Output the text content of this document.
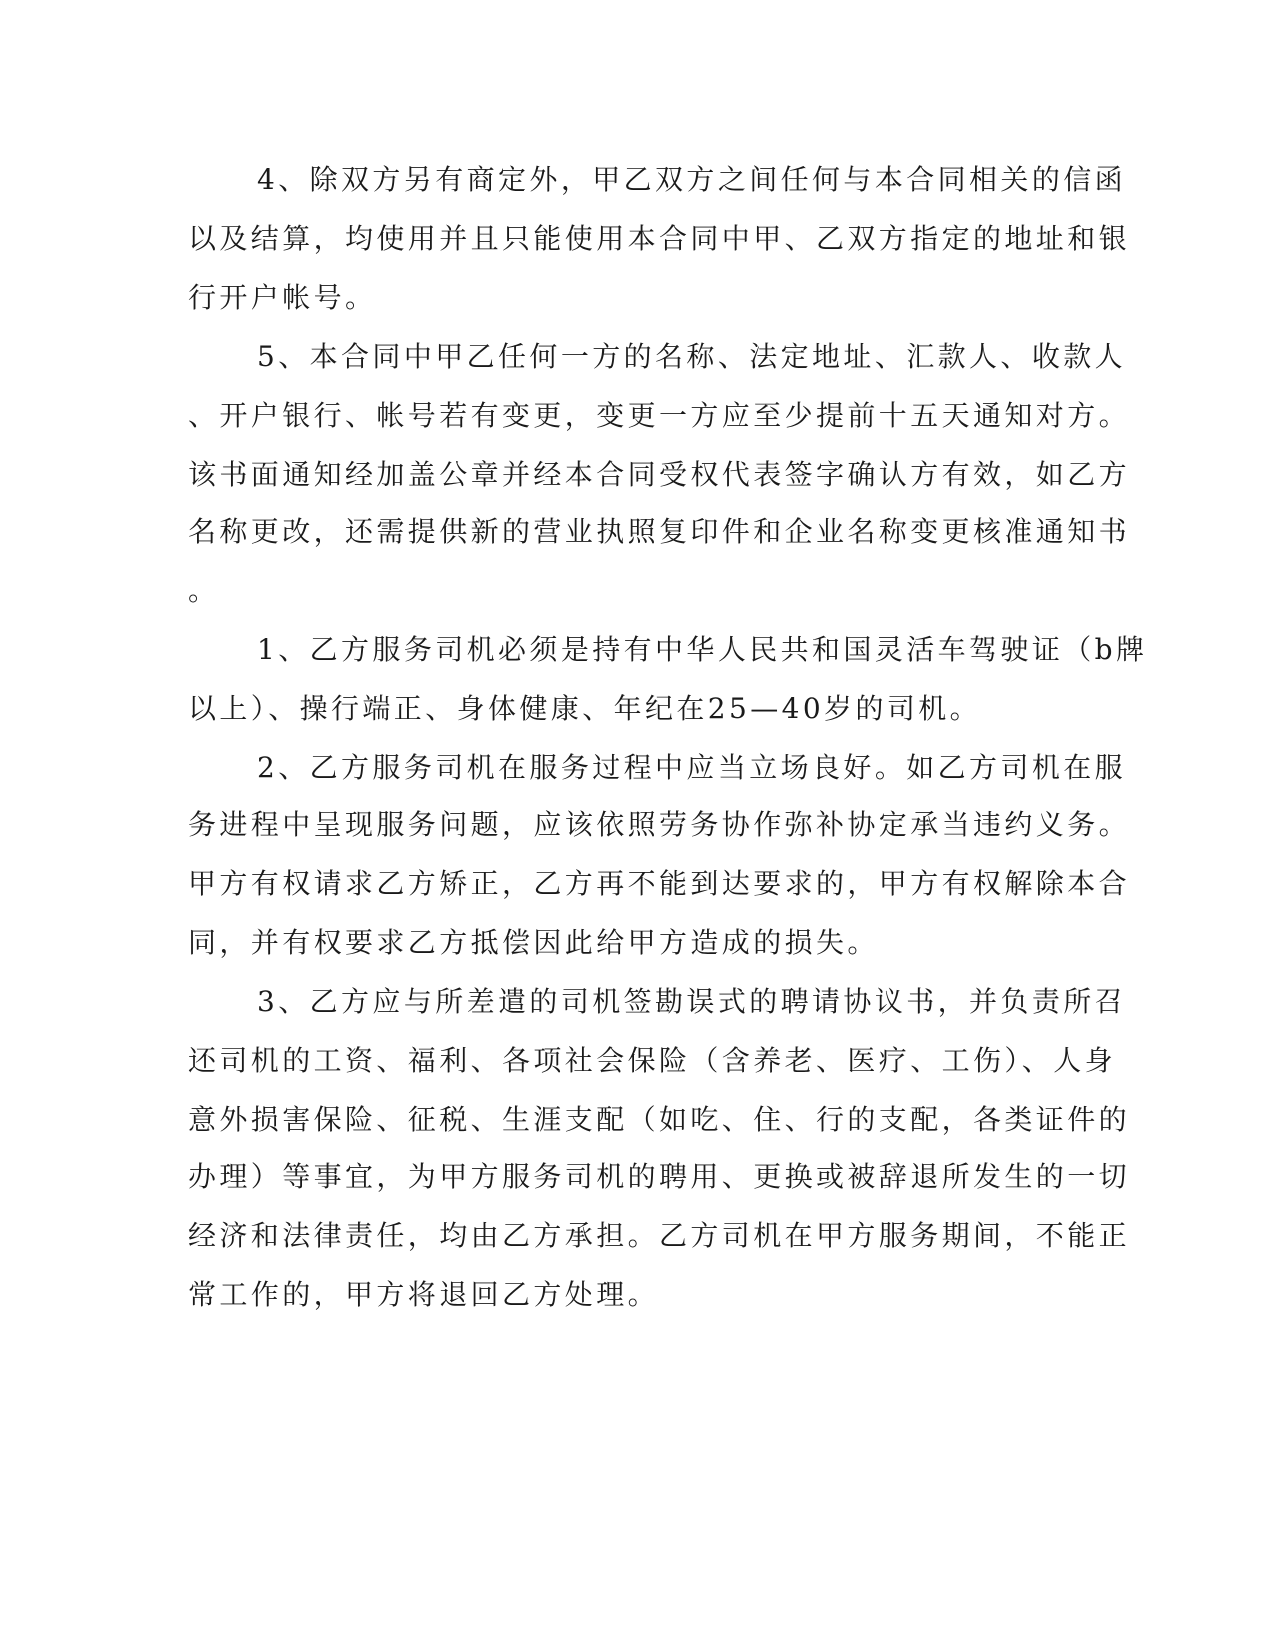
4、除双方另有商定外，甲乙双方之间任何与本合同相关的信函
以及结算，均使用并且只能使用本合同中甲、乙双方指定的地址和银
行开户帐号。
5、本合同中甲乙任何一方的名称、法定地址、汇款人、收款人
、开户银行、帐号若有变更，变更一方应至少提前十五天通知对方。
该书面通知经加盖公章并经本合同受权代表签字确认方有效，如乙方
名称更改，还需提供新的营业执照复印件和企业名称变更核准通知书
。
1、乙方服务司机必须是持有中华人民共和国灵活车驾驶证（b牌
以上）、操行端正、身体健康、年纪在25—40岁的司机。
2、乙方服务司机在服务过程中应当立场良好。如乙方司机在服
务进程中呈现服务问题，应该依照劳务协作弥补协定承当违约义务。
甲方有权请求乙方矫正，乙方再不能到达要求的，甲方有权解除本合
同，并有权要求乙方抵偿因此给甲方造成的损失。
3、乙方应与所差遣的司机签勘误式的聘请协议书，并负责所召
还司机的工资、福利、各项社会保险（含养老、医疗、工伤）、人身
意外损害保险、征税、生涯支配（如吃、住、行的支配，各类证件的
办理）等事宜，为甲方服务司机的聘用、更换或被辞退所发生的一切
经济和法律责任，均由乙方承担。乙方司机在甲方服务期间，不能正
常工作的，甲方将退回乙方处理。
